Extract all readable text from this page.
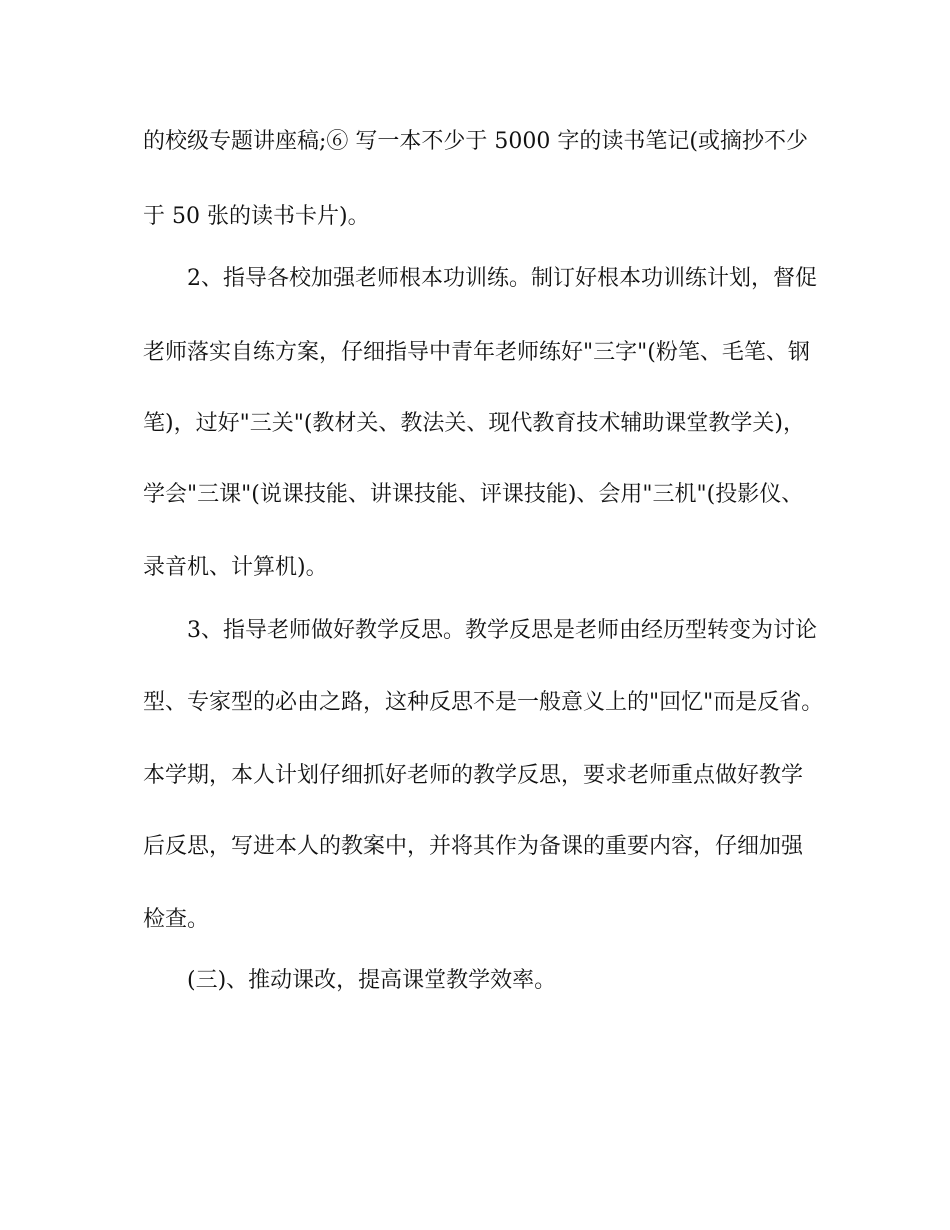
的校级专题讲座稿;⑥ 写一本不少于 5000 字的读书笔记(或摘抄不少
于 50 张的读书卡片)。
2、指导各校加强老师根本功训练。制订好根本功训练计划，督促
老师落实自练方案，仔细指导中青年老师练好"三字"(粉笔、毛笔、钢
笔)，过好"三关"(教材关、教法关、现代教育技术辅助课堂教学关)，
学会"三课"(说课技能、讲课技能、评课技能)、会用"三机"(投影仪、
录音机、计算机)。
3、指导老师做好教学反思。教学反思是老师由经历型转变为讨论
型、专家型的必由之路，这种反思不是一般意义上的"回忆"而是反省。
本学期，本人计划仔细抓好老师的教学反思，要求老师重点做好教学
后反思，写进本人的教案中，并将其作为备课的重要内容，仔细加强
检查。
(三)、推动课改，提高课堂教学效率。
